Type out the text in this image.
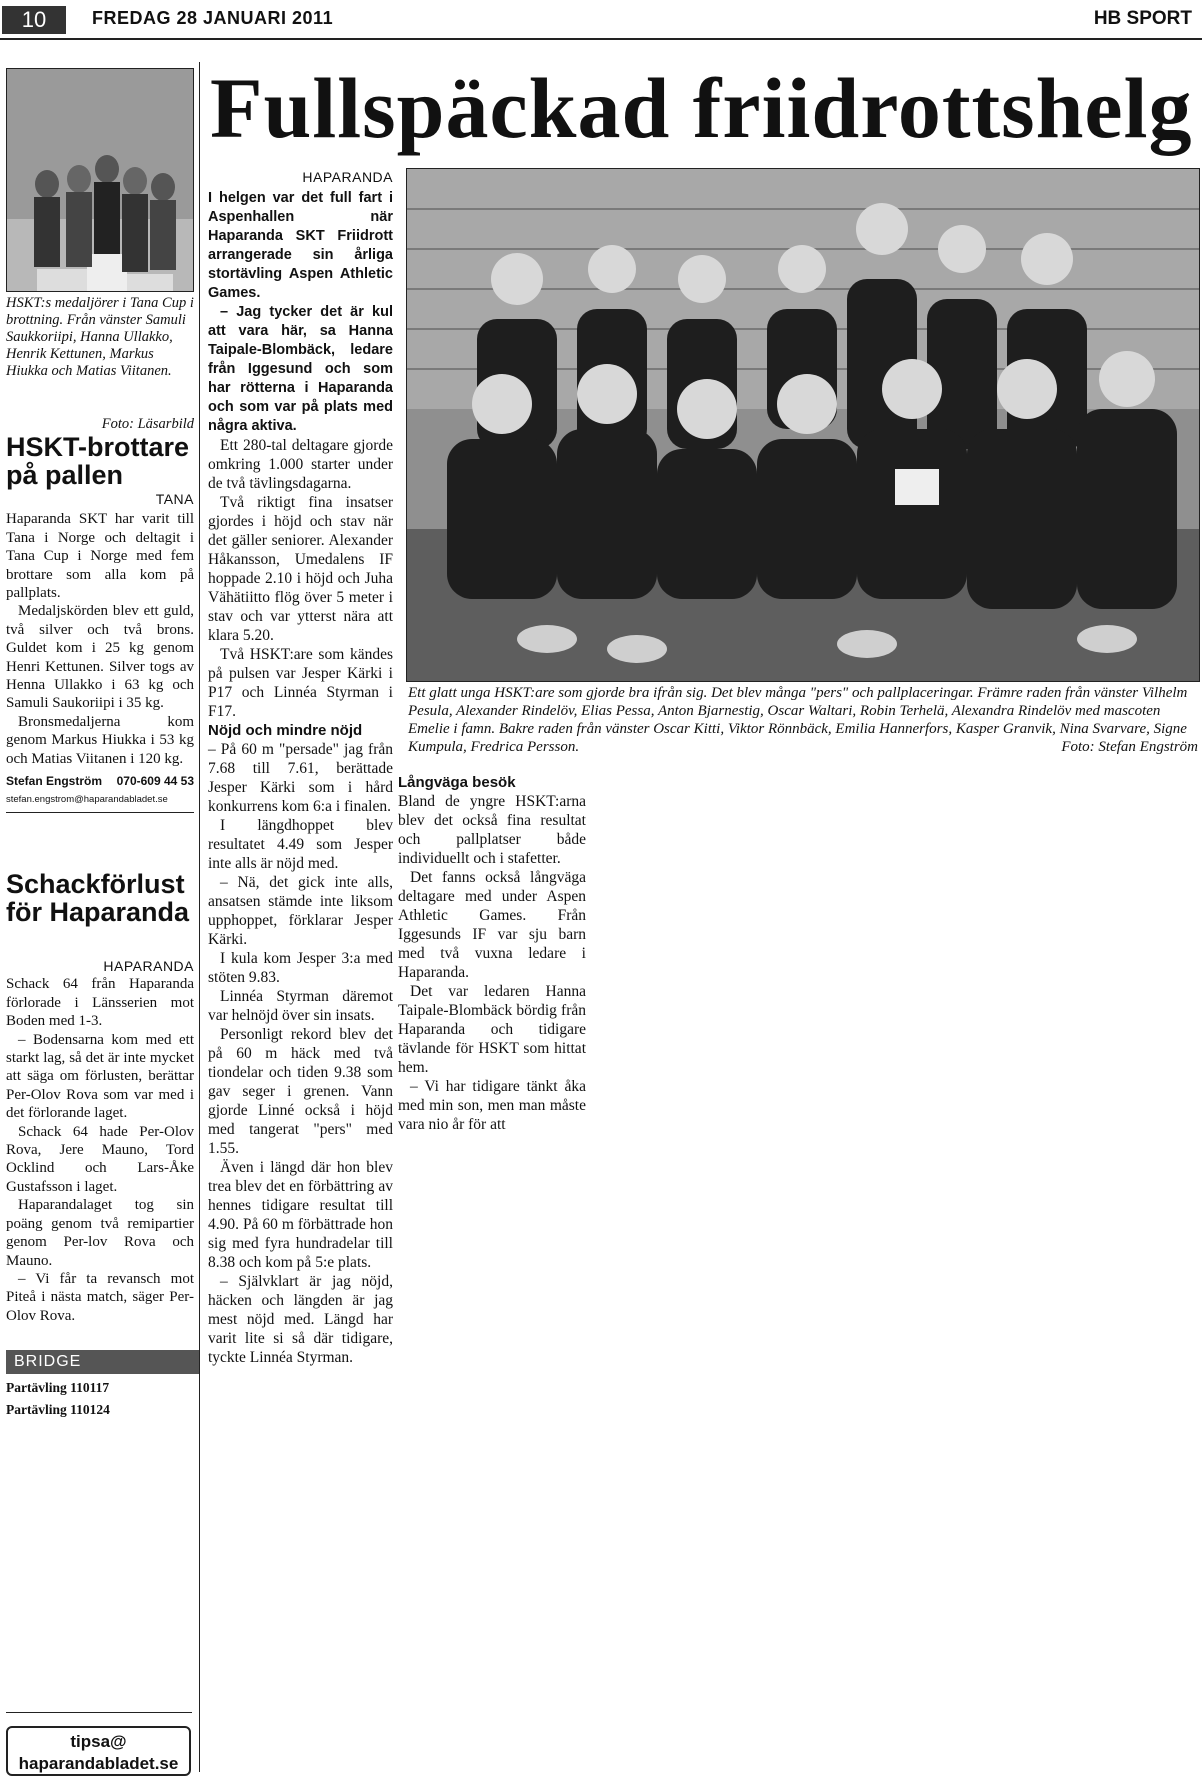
10	FREDAG 28 JANUARI 2011	HB SPORT
Fullspäckad friidrottshelg
HSKT:s medaljörer i Tana Cup i brottning. Från vänster Samuli Saukkoriipi, Hanna Ullakko, Henrik Kettunen, Markus Hiukka och Matias Viitanen.
Foto: Läsarbild
HSKT-brottare på pallen

TANA

Haparanda SKT har varit till Tana i Norge och deltagit i Tana Cup i Norge med fem brottare som alla kom på pallplats.

Medaljskörden blev ett guld, två silver och två brons. Guldet kom i 25 kg genom Henri Kettunen. Silver togs av Henna Ullakko i 63 kg och Samuli Saukoriipi i 35 kg.

Bronsmedaljerna kom genom Markus Hiukka i 53 kg och Matias Viitanen i 120 kg.

Stefan Engström 070-609 44 53
stefan.engstrom@haparandabladet.se
Schackförlust för Haparanda

HAPARANDA

Schack 64 från Haparanda förlorade i Länsserien mot Boden med 1-3.

– Bodensarna kom med ett starkt lag, så det är inte mycket att säga om förlusten, berättar Per-Olov Rova som var med i det förlorande laget.

Schack 64 hade Per-Olov Rova, Jere Mauno, Tord Ocklind och Lars-Åke Gustafsson i laget.

Haparandalaget tog sin poäng genom två remipartier genom Per-lov Rova och Mauno.

– Vi får ta revansch mot Piteå i nästa match, säger Per-Olov Rova.

BRIDGE
Partävling 110117
Partävling 110124
tipsa@
haparandabladet.se

HAPARANDA

I helgen var det full fart i Aspenhallen när Haparanda SKT Friidrott arrangerade sin årliga stortävling Aspen Athletic Games.

– Jag tycker det är kul att vara här, sa Hanna Taipale-Blombäck, ledare från Iggesund och som har rötterna i Haparanda och som var på plats med några aktiva.

Ett 280-tal deltagare gjorde omkring 1.000 starter under de två tävlingsdagarna.

Två riktigt fina insatser gjordes i höjd och stav när det gäller seniorer. Alexander Håkansson, Umedalens IF hoppade 2.10 i höjd och Juha Vähätiitto flög över 5 meter i stav och var ytterst nära att klara 5.20.

Två HSKT:are som kändes på pulsen var Jesper Kärki i P17 och Linnéa Styrman i F17.

Nöjd och mindre nöjd

– På 60 m "persade" jag från 7.68 till 7.61, berättade Jesper Kärki som i hård konkurrens kom 6:a i finalen.

I längdhoppet blev resultatet 4.49 som Jesper inte alls är nöjd med.

– Nä, det gick inte alls, ansatsen stämde inte liksom upphoppet, förklarar Jesper Kärki.

I kula kom Jesper 3:a med stöten 9.83.

Linnéa Styrman däremot var helnöjd över sin insats.

Personligt rekord blev det på 60 m häck med två tiondelar och tiden 9.38 som gav seger i grenen. Vann gjorde Linné också i höjd med tangerat "pers" med 1.55.

Även i längd där hon blev trea blev det en förbättring av hennes tidigare resultat till 4.90. På 60 m förbättrade hon sig med fyra hundradelar till 8.38 och kom på 5:e plats.

– Självklart är jag nöjd, häcken och längden är jag mest nöjd med. Längd har varit lite si så där tidigare, tyckte Linnéa Styrman.

Långväga besök

Bland de yngre HSKT:arna blev det också fina resultat och pallplatser både individuellt och i stafetter.

Det fanns också långväga deltagare med under Aspen Athletic Games. Från Iggesunds IF var sju barn med två vuxna ledare i Haparanda.

Det var ledaren Hanna Taipale-Blombäck bördig från Haparanda och tidigare tävlande för HSKT som hittat hem.

– Vi har tidigare tänkt åka med min son, men man måste vara nio år för att

Ett glatt unga HSKT:are som gjorde bra ifrån sig. Det blev många "pers" och pallplaceringar. Främre raden från vänster Vilhelm Pesula, Alexander Rindelöv, Elias Pessa, Anton Bjarnestig, Oscar Waltari, Robin Terhelä, Alexandra Rindelöv med mascoten Emelie i famn. Bakre raden från vänster Oscar Kitti, Viktor Rönnbäck, Emilia Hannerfors, Kasper Granvik, Nina Svarvare, Signe Kumpula, Fredrica Persson.	Foto: Stefan Engström
